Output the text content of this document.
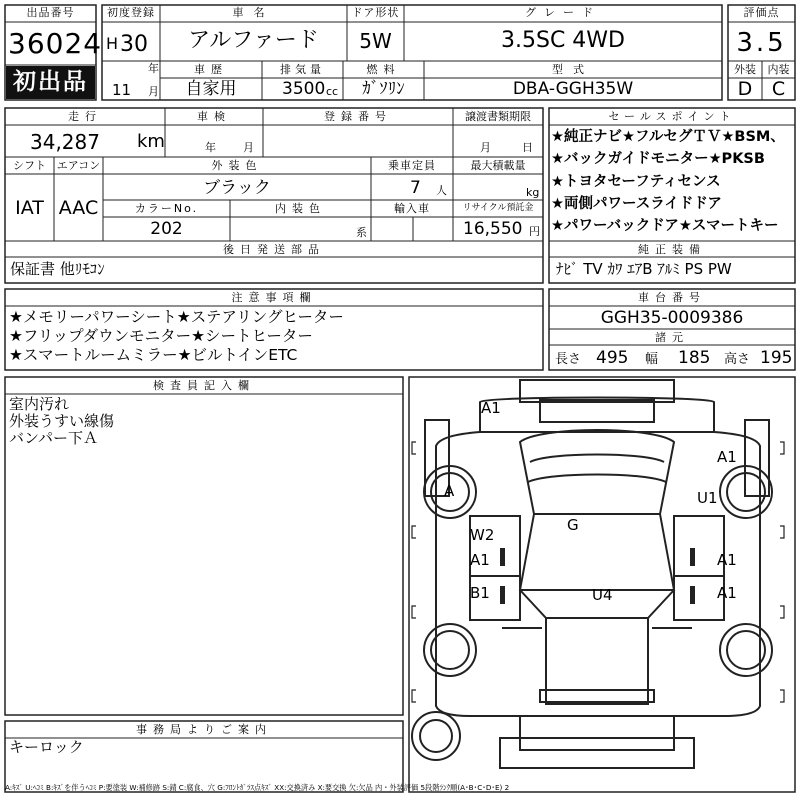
出品番号
36024
初出品
初度登録
H 30
年
11 月
車名
アルファード
ドア形状
5W
グレード
3.5SC 4WD
車歴
自家用
排気量
3500 cc
燃料
ｶﾞｿﾘﾝ
型式
DBA-GGH35W
評価点
3.5
外装	内装
D	C
走行
34,287 km
車検
年 月
登録番号	譲渡書類期限
月	日
シフト エアコン
IAT AAC
外装色
ブラック
乗車定員
7 人
最大積載量
kg
カラーNo.
202
内装色
系
輸入車	リサイクル預託金
16,550 円
後日発送部品
保証書 他ﾘﾓｺﾝ
セールスポイント
★純正ナビ★フルセグＴＶ★BSM、
★バックガイドモニター★PKSB
★トヨタセーフティセンス
★両側パワースライドドア
★パワーバックドア★スマートキー
純正装備
ﾅﾋﾞ TV ｶﾜ ｴｱB ｱﾙﾐ PS PW
注意事項欄
★メモリーパワーシート★ステアリングヒーター
★フリップダウンモニター★シートヒーター
★スマートルームミラー★ビルトインETC
車台番号
GGH35-0009386
諸元
長さ 495 幅 185 高さ 195
検査員記入欄
室内汚れ
外装うすい線傷
バンパー下Ａ
事務局よりご案内
キーロック
A1
A
A1
U1
G
W2
A1	A1
B1	U4	A1
A:ｷｽﾞ U:ﾍｺﾐ B:ｷｽﾞを伴うﾍｺﾐ P:要塗装 W:補修跡 S:錆 C:腐食、穴 G:ﾌﾛﾝﾄｶﾞﾗｽ点ｷｽﾞ XX:交換済み X:要交換 欠:欠品 内・外装評価 5段階ﾗﾝｸ順(A･B･C･D･E) 2
